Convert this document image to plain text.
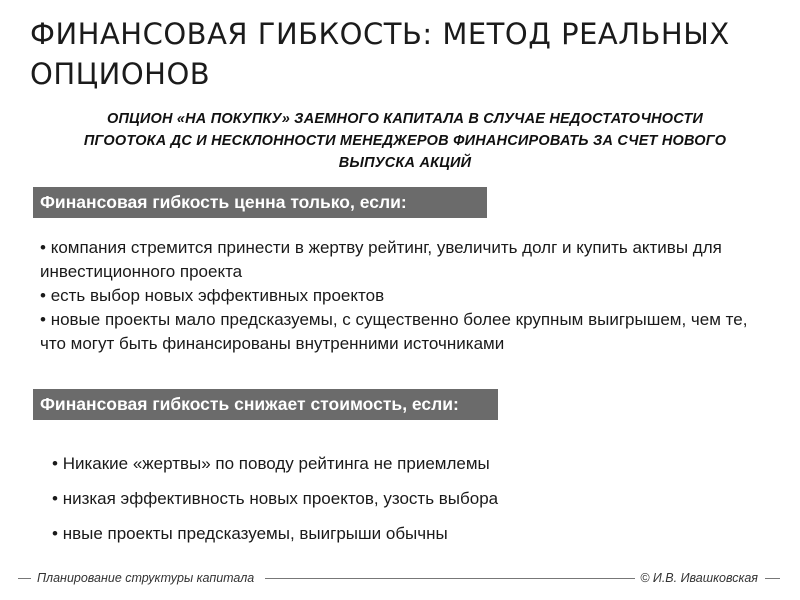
ФИНАНСОВАЯ ГИБКОСТЬ: МЕТОД РЕАЛЬНЫХ
ОПЦИОНОВ

ОПЦИОН «НА ПОКУПКУ» ЗАЕМНОГО КАПИТАЛА В СЛУЧАЕ НЕДОСТАТОЧНОСТИ
ПГООТОКА ДС И НЕСКЛОННОСТИ МЕНЕДЖЕРОВ ФИНАНСИРОВАТЬ ЗА СЧЕТ НОВОГО
ВЫПУСКА АКЦИЙ

Финансовая гибкость ценна только, если:
• компания стремится принести в жертву рейтинг, увеличить долг и купить активы для инвестиционного проекта
• есть выбор новых эффективных проектов
• новые проекты мало предсказуемы, с существенно более крупным выигрышем, чем те, что могут быть финансированы внутренними источниками
Финансовая гибкость снижает стоимость, если:
• Никакие «жертвы» по поводу рейтинга не приемлемы
• низкая эффективность новых проектов, узость выбора
• нвые проекты предсказуемы, выигрыши обычны
Планирование структуры капитала	© И.В. Ивашковская
